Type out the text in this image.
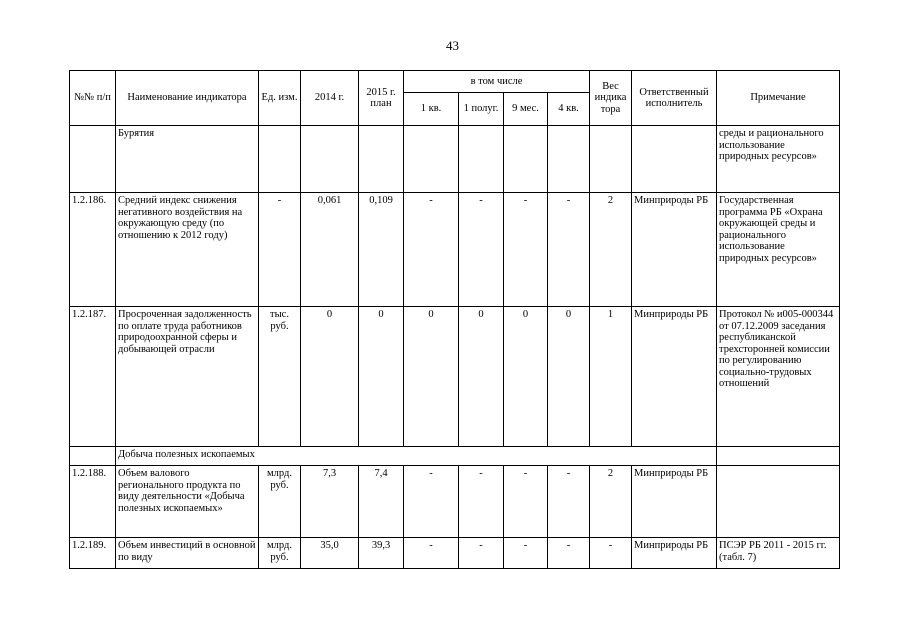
43
№№ п/п	Наименование индикатора	Ед. изм.	2014 г.	2015 г. план	в том числе				Вес индика тора	Ответственный исполнитель	Примечание
					1 кв.	1 полуг.	9 мес.	4 кв.			
	Бурятия										среды и рационального использование природных ресурсов»
1.2.186.	Средний индекс снижения негативного воздействия на окружающую среду (по отношению к 2012 году)	-	0,061	0,109	-	-	-	-	2	Минприроды РБ	Государственная программа РБ «Охрана окружающей среды и рационального использование природных ресурсов»
1.2.187.	Просроченная задолженность по оплате труда работников природоохранной сферы и добывающей отрасли	тыс. руб.	0	0	0	0	0	0	1	Минприроды РБ	Протокол № и005-000344 от 07.12.2009 заседания республиканской трехсторонней комиссии по регулированию социально-трудовых отношений
	Добыча полезных ископаемых										
1.2.188.	Объем валового регионального продукта по виду деятельности «Добыча полезных ископаемых»	млрд. руб.	7,3	7,4	-	-	-	-	2	Минприроды РБ	
1.2.189.	Объем инвестиций в основной по виду	млрд. руб.	35,0	39,3	-	-	-	-	-	Минприроды РБ	ПСЭР РБ 2011 - 2015 гг. (табл. 7)
